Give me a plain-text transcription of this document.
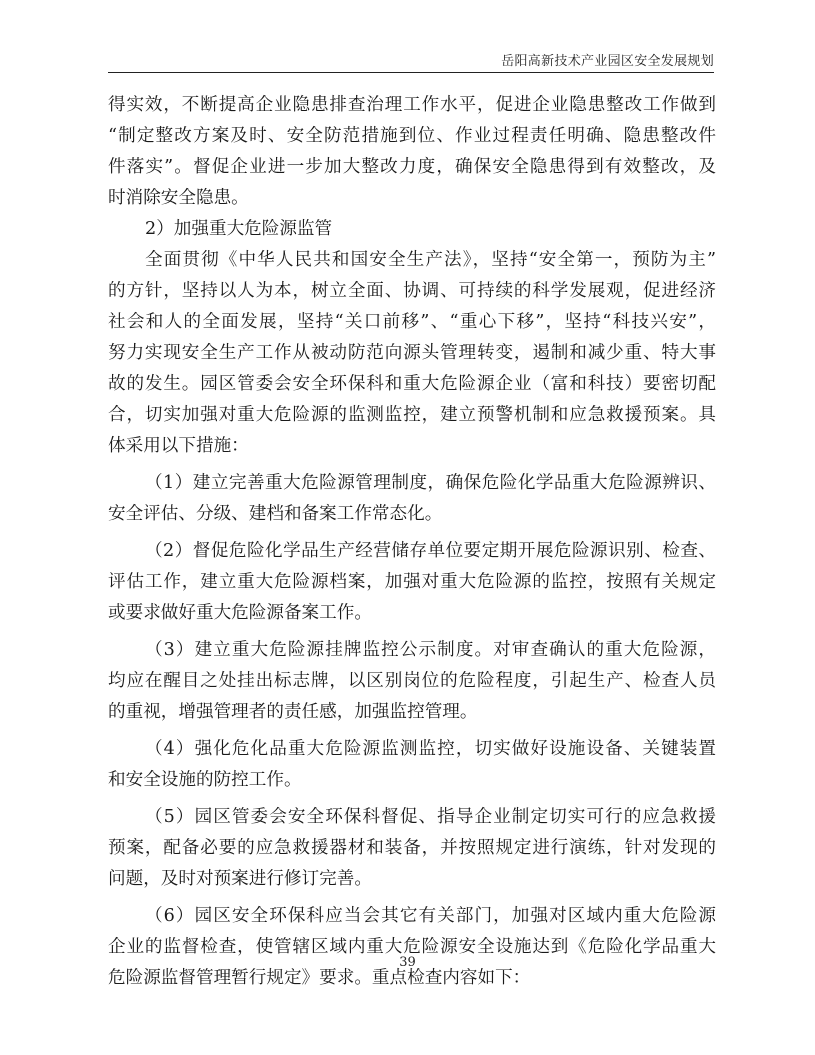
岳阳高新技术产业园区安全发展规划
得实效，不断提高企业隐患排查治理工作水平，促进企业隐患整改工作做到
“制定整改方案及时、安全防范措施到位、作业过程责任明确、隐患整改件
件落实”。督促企业进一步加大整改力度，确保安全隐患得到有效整改，及
时消除安全隐患。
2）加强重大危险源监管
全面贯彻《中华人民共和国安全生产法》，坚持“安全第一，预防为主”
的方针，坚持以人为本，树立全面、协调、可持续的科学发展观，促进经济
社会和人的全面发展，坚持“关口前移”、“重心下移”，坚持“科技兴安”，
努力实现安全生产工作从被动防范向源头管理转变，遏制和减少重、特大事
故的发生。园区管委会安全环保科和重大危险源企业（富和科技）要密切配
合，切实加强对重大危险源的监测监控，建立预警机制和应急救援预案。具
体采用以下措施：
（1）建立完善重大危险源管理制度，确保危险化学品重大危险源辨识、
安全评估、分级、建档和备案工作常态化。
（2）督促危险化学品生产经营储存单位要定期开展危险源识别、检查、
评估工作，建立重大危险源档案，加强对重大危险源的监控，按照有关规定
或要求做好重大危险源备案工作。
（3）建立重大危险源挂牌监控公示制度。对审查确认的重大危险源，
均应在醒目之处挂出标志牌，以区别岗位的危险程度，引起生产、检查人员
的重视，增强管理者的责任感，加强监控管理。
（4）强化危化品重大危险源监测监控，切实做好设施设备、关键装置
和安全设施的防控工作。
（5）园区管委会安全环保科督促、指导企业制定切实可行的应急救援
预案，配备必要的应急救援器材和装备，并按照规定进行演练，针对发现的
问题，及时对预案进行修订完善。
（6）园区安全环保科应当会其它有关部门，加强对区域内重大危险源
企业的监督检查，使管辖区域内重大危险源安全设施达到《危险化学品重大
危险源监督管理暂行规定》要求。重点检查内容如下：
39
